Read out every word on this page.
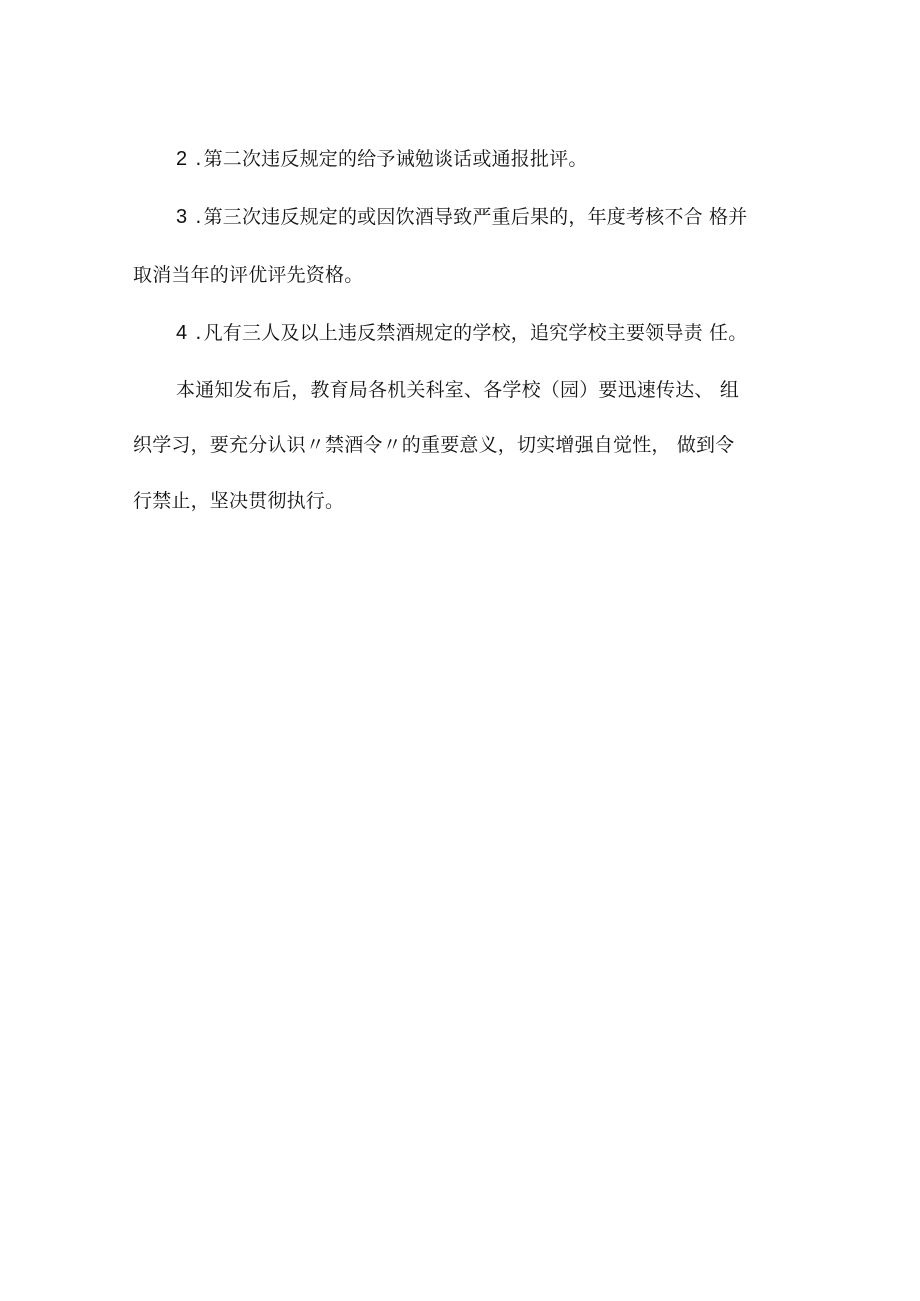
2 . 第二次违反规定的给予诫勉谈话或通报批评。
3 . 第三次违反规定的或因饮酒导致严重后果的，年度考核不合 格并
取消当年的评优评先资格。
4 . 凡有三人及以上违反禁酒规定的学校，追究学校主要领导责 任。
本通知发布后，教育局各机关科室、各学校（园）要迅速传达、 组
织学习，要充分认识〃禁酒令〃的重要意义，切实增强自觉性， 做到令
行禁止，坚决贯彻执行。
